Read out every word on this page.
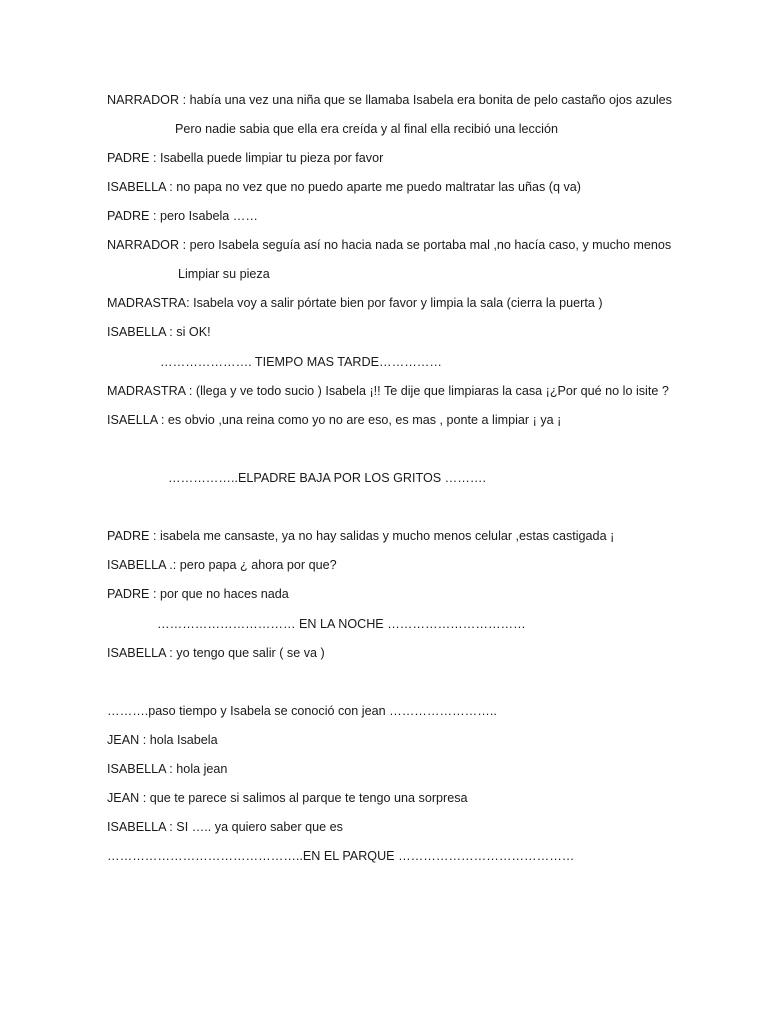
NARRADOR : había una vez una niña que se llamaba Isabela era bonita de pelo castaño ojos azules
Pero nadie sabia que ella era creída y al final ella recibió una lección
PADRE : Isabella puede limpiar tu pieza por favor
ISABELLA : no papa no vez que no puedo aparte me puedo maltratar las uñas (q va)
PADRE : pero Isabela ……
NARRADOR : pero Isabela seguía así no hacia nada se portaba mal ,no hacía caso, y mucho menos
Limpiar su pieza
MADRASTRA: Isabela voy a salir pórtate bien por favor y limpia la sala (cierra la puerta )
ISABELLA : si OK!
…………………. TIEMPO MAS TARDE……………
MADRASTRA : (llega y ve todo sucio ) Isabela ¡!! Te dije que limpiaras la casa ¡¿Por qué no lo isite ?
ISAELLA : es obvio ,una reina como yo no are eso, es mas , ponte a limpiar ¡ ya ¡
……………..ELPADRE BAJA POR LOS GRITOS ……….
PADRE : isabela me cansaste, ya no hay salidas y mucho menos celular ,estas castigada ¡
ISABELLA .: pero papa ¿ ahora por que?
PADRE : por que no haces nada
…………………………… EN LA NOCHE ……………………………
ISABELLA : yo tengo que salir ( se va )
……….paso tiempo y Isabela se conoció con jean ……………………..
JEAN : hola Isabela
ISABELLA : hola jean
JEAN : que te parece si salimos al parque te tengo una sorpresa
ISABELLA : SI ….. ya quiero saber que es
………………………………………..EN EL PARQUE ……………………………………
